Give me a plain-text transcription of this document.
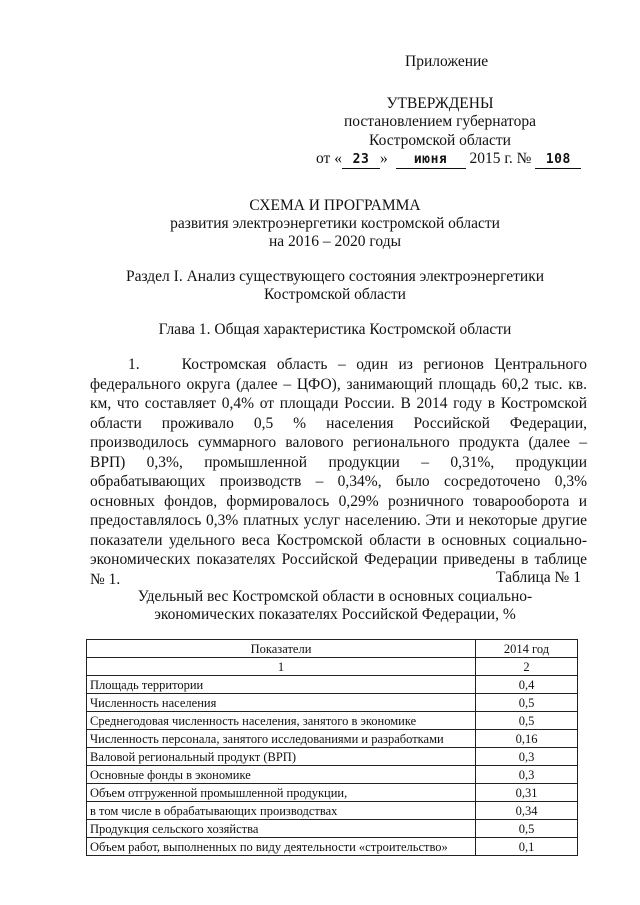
Приложение
УТВЕРЖДЕНЫ
постановлением губернатора
Костромской области
от « 23 » июня 2015 г. № 108
СХЕМА И ПРОГРАММА
развития электроэнергетики костромской области
на 2016 – 2020 годы
Раздел I. Анализ существующего состояния электроэнергетики
Костромской области
Глава 1. Общая характеристика Костромской области
1.	Костромская область – один из регионов Центрального федерального округа (далее – ЦФО), занимающий площадь 60,2 тыс. кв. км, что составляет 0,4% от площади России. В 2014 году в Костромской области проживало 0,5 % населения Российской Федерации, производилось суммарного валового регионального продукта (далее – ВРП) 0,3%, промышленной продукции – 0,31%, продукции обрабатывающих производств – 0,34%, было сосредоточено 0,3% основных фондов, формировалось 0,29% розничного товарооборота и предоставлялось 0,3% платных услуг населению. Эти и некоторые другие показатели удельного веса Костромской области в основных социально-экономических показателях Российской Федерации приведены в таблице № 1.	Таблица № 1
Удельный вес Костромской области в основных социально-
экономических показателях Российской Федерации, %
Показатели	2014 год
1	2
Площадь территории	0,4
Численность населения	0,5
Среднегодовая численность населения, занятого в экономике	0,5
Численность персонала, занятого исследованиями и разработками	0,16
Валовой региональный продукт (ВРП)	0,3
Основные фонды в экономике	0,3
Объем отгруженной промышленной продукции,	0,31
в том числе в обрабатывающих производствах	0,34
Продукция сельского хозяйства	0,5
Объем работ, выполненных по виду деятельности «строительство»	0,1
